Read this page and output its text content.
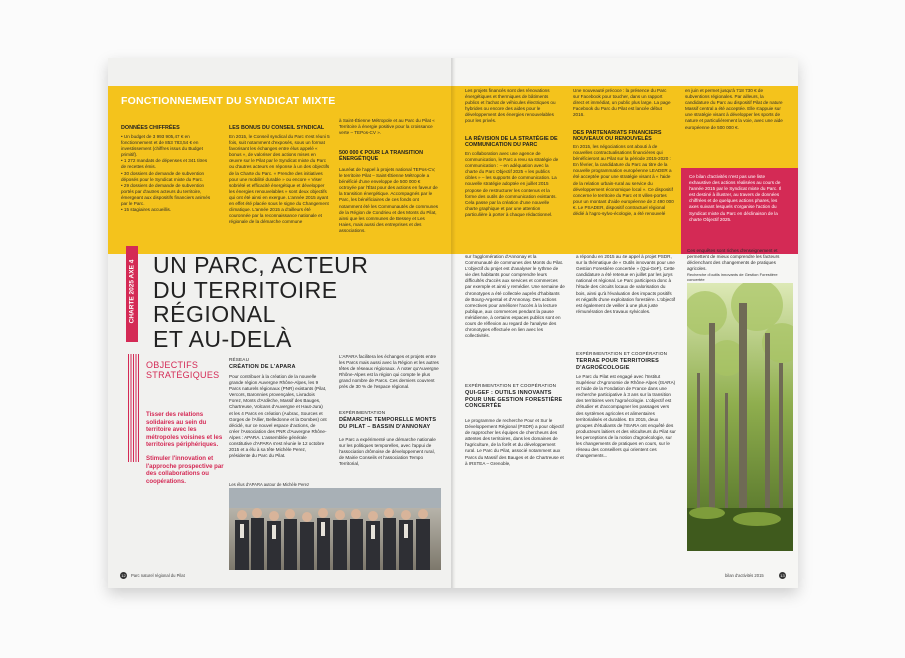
FONCTIONNEMENT DU SYNDICAT MIXTE
DONNÉES CHIFFRÉES

• Un budget de 3 993 905,47 € en fonctionnement et de 853 783,54 € en investissement (chiffres issus du Budget primitif).
• 1 272 mandats de dépenses et 341 titres de recettes émis.
• 30 dossiers de demande de subvention déposés pour le Syndicat mixte du Parc.
• 29 dossiers de demande de subvention portés par d'autres acteurs du territoire, émergeant aux dispositifs financiers animés par le Parc.
• 15 stagiaires accueillis.

LES BONUS DU CONSEIL SYNDICAL

En 2015, le Conseil syndical du Parc s'est réuni 5 fois, suit notamment d'exposés, sous un format favorisant les échanges entre élus appelé « bonus », de valoriser des actions mises en œuvre sur le Pilat par le Syndicat mixte du Parc ou d'autres acteurs en réponse à un des objectifs de la Charte du Parc. « Prendre des initiatives pour une mobilité durable » ou encore « Viser sobriété et efficacité énergétique et développer les énergies renouvelables » sont deux objectifs qui ont été ainsi en exergue. L'année 2015 ayant en effet été placée sous le signe du Changement climatique. L'année 2015 a d'ailleurs été couronnée par la reconnaissance nationale et régionale de la démarche commune

à Saint-Étienne Métropole et au Parc du Pilat « Territoire à énergie positive pour la croissance verte – TEPos-CV ».

500 000 € POUR LA TRANSITION ÉNERGÉTIQUE

Lauréat de l'appel à projets national TEPos-CV, le territoire Pilat – Saint-Étienne Métropole a bénéficié d'une enveloppe de 500 000 € octroyée par l'État pour des actions en faveur de la transition énergétique. Accompagnés par le Parc, les bénéficiaires de ces fonds ont notamment été les Communautés de communes de la Région de Condrieu et des Monts du Pilat, ainsi que les communes de Bessey et Les Haies, mais aussi des entreprises et des associations.

CHARTE 2025 AXE 4 UN PARC, ACTEUR
DU TERRITOIRE RÉGIONAL
ET AU-DELÀ
OBJECTIFS
STRATÉGIQUES
Tisser des relations solidaires au sein du territoire avec les métropoles voisines et les territoires périphériques.
Stimuler l'innovation et l'approche prospective par des collaborations ou coopérations.
RÉSEAU
CRÉATION DE L'APARA

Pour contribuer à la création de la nouvelle grande région Auvergne Rhône-Alpes, les 9 Parcs naturels régionaux (PNR) existants (Pilat, Vercors, Baronnies provençales, Livradois Forez, Monts d'Ardèche, Massif des Bauges, Chartreuse, Volcans d'Auvergne et Haut-Jura) et les 4 Parcs en création (Aubrac, Sources et Gorges de l'Allier, Belledonne et la Dombes) ont décidé, sur ce nouvel espace d'actions, de créer l'Association des PNR d'Auvergne Rhône-Alpes : APARA. L'assemblée générale constitutive d'APARA s'est réunie le 12 octobre 2015 et a élu à sa tête Michèle Perez, présidente du Parc du Pilat.

L'APARA facilitera les échanges et projets entre les Parcs mais aussi avec la Région et les autres têtes de réseaux régionaux. À noter qu'Auvergne Rhône-Alpes est la région qui compte le plus grand nombre de Parcs. Ces derniers couvrent près de 30 % de l'espace régional.

EXPÉRIMENTATION
DÉMARCHE TEMPORELLE MONTS DU PILAT – BASSIN D'ANNONAY

Le Parc a expérimenté une démarche nationale sur les politiques temporelles, avec l'appui de l'association drômoise de développement rural, de Mairie Conseils et l'association Tempo Territorial,

Les élus d'APARA autour de Michèle Perez
12	Parc naturel régional du Pilat

Les projets financés sont des rénovations énergétiques et thermiques de bâtiments publics et l'achat de véhicules électriques ou hybrides ou encore des aides pour le développement des énergies renouvelables pour les privés.

LA RÉVISION DE LA STRATÉGIE DE COMMUNICATION DU PARC

En collaboration avec une agence de communication, le Parc a revu sa stratégie de communication : – en adéquation avec la charte du Parc Objectif 2025 « les publics cibles » – les supports de communication. La nouvelle stratégie adoptée en juillet 2015 propose de restructurer les contenus et la forme des outils de communication existants. Cela passe par la création d'une nouvelle charte graphique et par une attention particulière à porter à chaque rédactionnel.

Une nouveauté précoce : la présence du Parc sur Facebook pour toucher, dans un rapport direct et immédiat, un public plus large. La page Facebook du Parc du Pilat est lancée début 2016.

DES PARTENARIATS FINANCIERS NOUVEAUX OU RENOUVELÉS

En 2015, les négociations ont abouti à de nouvelles contractualisations financières qui bénéficieront au Pilat sur la période 2015-2020 : En février, la candidature du Parc au titre de la nouvelle programmation européenne LEADER a été acceptée pour une stratégie visant à « l'aide de la relation urbain-rural au service du développement économique local ». Ce dispositif concerne le territoire du Parc et 8 villes-portes pour un montant d'aide européenne de 2 490 000 €. Le PSADER, dispositif contractuel régional dédié à l'agro-sylvo-écologie, a été renouvelé

en juin et permet jusqu'à 718 730 € de subventions régionales. Par ailleurs, la candidature du Parc au dispositif Pilat de nature Massif central a été acceptée. Elle s'appuie sur une stratégie visant à développer les sports de nature et particulièrement la voie, avec une aide européenne de 500 000 €.

Ce bilan d'activités n'est pas une liste exhaustive des actions réalisées au cours de l'année 2015 par le Syndicat mixte du Parc. Il est destiné à illustrer, au travers de données chiffrées et de quelques actions phares, les axes suivant lesquels s'organise l'action du Syndicat mixte du Parc en déclinaison de la charte Objectif 2025.

sur l'agglomération d'Annonay et la Communauté de communes des Monts du Pilat. L'objectif du projet est d'analyser le rythme de vie des habitants pour comprendre leurs difficultés d'accès aux services et commerces par exemple et ainsi y remédier. Une semaine de chronotypes a été collectée auprès d'habitants de Bourg-Argental et d'Annonay. Des actions correctives pour améliorer l'accès à la lecture publique, aux commerces pendant la pause méridienne, à certains espaces publics sont en cours de réflexion au regard de l'analyse des chronotypes effectuée en lien avec les collectivités.

EXPÉRIMENTATION ET COOPÉRATION
QUI-GEF : OUTILS INNOVANTS POUR UNE GESTION FORESTIÈRE CONCERTÉE

Le programme de recherche Pour et Sur le Développement Régional (PSDR) a pour objectif de rapprocher les équipes de chercheurs des attentes des territoires, dans les domaines de l'agriculture, de la forêt et du développement rural. Le Parc du Pilat, associé notamment aux Parcs du Massif des Bauges et de Chartreuse et à IRSTEA – Grenoble,

a répondu en 2015 au 4e appel à projet PSDR, sur la thématique de « Outils innovants pour une Gestion Forestière concertée » (Qui-GeF). Cette candidature a été retenue en juillet par les jurys national et régional. Le Parc participera donc à l'étude des circuits locaux de valorisation du bois, ainsi qu'à l'évaluation des impacts positifs et négatifs d'une exploitation forestière. L'objectif est également de veiller à une plus juste rémunération des travaux sylvicoles.

EXPÉRIMENTATION ET COOPÉRATION
TERRAE POUR TERRITOIRES D'AGROÉCOLOGIE

Le Parc du Pilat est engagé avec l'Institut Supérieur d'Agronomie de Rhône-Alpes (ISARA) et l'aide de la Fondation de France dans une recherche participative à 3 ans sur la transition des territoires vers l'agroécologie. L'objectif est d'étudier et d'accompagner les passages vers des systèmes agricoles et alimentaires territorialisés et durables. En 2015, deux groupes d'étudiants de l'ISARA ont enquêté des producteurs laitiers et des viticulteurs du Pilat sur les perceptions de la notion d'agroécologie, sur les changements de pratiques en cours, sur le réseau des conseillers qui orientent ces changements...

Ces enquêtes sont riches d'enseignement et permettent de mieux comprendre les facteurs déclenchant des changements de pratiques agricoles.

Recherche d'outils innovants de Gestion Forestière concertée
bilan d'activités 2015	13
